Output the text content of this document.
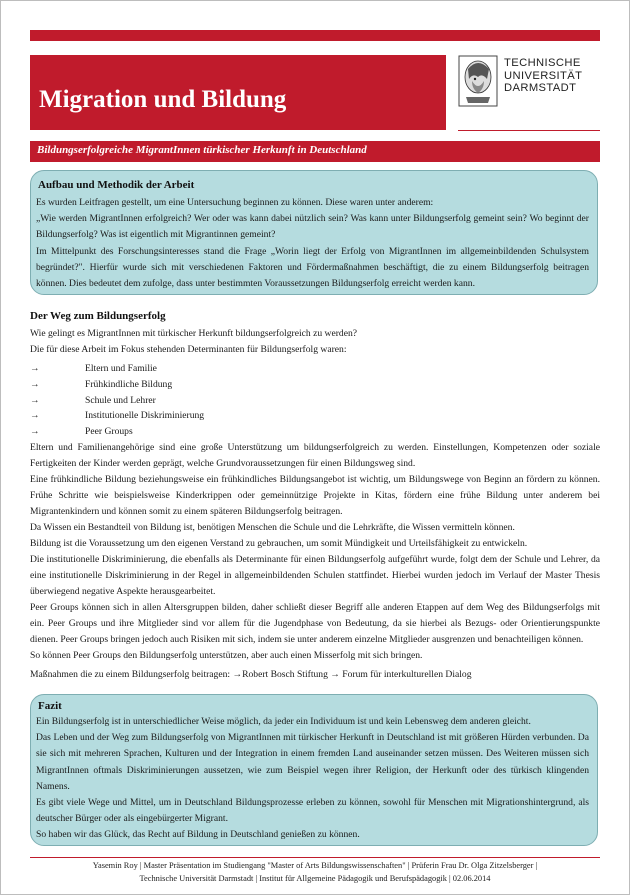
Migration und Bildung
TECHNISCHE
UNIVERSITÄT
DARMSTADT
Bildungserfolgreiche MigrantInnen türkischer Herkunft in Deutschland
Aufbau und Methodik der Arbeit

Es wurden Leitfragen gestellt, um eine Untersuchung beginnen zu können. Diese waren unter anderem:

„Wie werden MigrantInnen erfolgreich? Wer oder was kann dabei nützlich sein? Was kann unter Bildungserfolg gemeint sein? Wo beginnt der Bildungserfolg? Was ist eigentlich mit Migrantinnen gemeint?

Im Mittelpunkt des Forschungsinteresses stand die Frage „Worin liegt der Erfolg von MigrantInnen im allgemeinbildenden Schulsystem begründet?". Hierfür wurde sich mit verschiedenen Faktoren und Fördermaßnahmen beschäftigt, die zu einem Bildungserfolg beitragen können. Dies bedeutet dem zufolge, dass unter bestimmten Voraussetzungen Bildungserfolg erreicht werden kann.

Der Weg zum Bildungserfolg

Wie gelingt es MigrantInnen mit türkischer Herkunft bildungserfolgreich zu werden?

Die für diese Arbeit im Fokus stehenden Determinanten für Bildungserfolg waren:

→	Eltern und Familie
→	Frühkindliche Bildung
→	Schule und Lehrer
→	Institutionelle Diskriminierung
→	Peer Groups

Eltern und Familienangehörige sind eine große Unterstützung um bildungserfolgreich zu werden. Einstellungen, Kompetenzen oder soziale Fertigkeiten der Kinder werden geprägt, welche Grundvoraussetzungen für einen Bildungsweg sind.

Eine frühkindliche Bildung beziehungsweise ein frühkindliches Bildungsangebot ist wichtig, um Bildungswege von Beginn an fördern zu können. Frühe Schritte wie beispielsweise Kinderkrippen oder gemeinnützige Projekte in Kitas, fördern eine frühe Bildung unter anderem bei Migrantenkindern und können somit zu einem späteren Bildungserfolg beitragen.

Da Wissen ein Bestandteil von Bildung ist, benötigen Menschen die Schule und die Lehrkräfte, die Wissen vermitteln können.

Bildung ist die Voraussetzung um den eigenen Verstand zu gebrauchen, um somit Mündigkeit und Urteilsfähigkeit zu entwickeln.

Die institutionelle Diskriminierung, die ebenfalls als Determinante für einen Bildungserfolg aufgeführt wurde, folgt dem der Schule und Lehrer, da eine institutionelle Diskriminierung in der Regel in allgemeinbildenden Schulen stattfindet. Hierbei wurden jedoch im Verlauf der Master Thesis überwiegend negative Aspekte herausgearbeitet.

Peer Groups können sich in allen Altersgruppen bilden, daher schließt dieser Begriff alle anderen Etappen auf dem Weg des Bildungserfolgs mit ein. Peer Groups und ihre Mitglieder sind vor allem für die Jugendphase von Bedeutung, da sie hierbei als Bezugs- oder Orientierungspunkte dienen. Peer Groups bringen jedoch auch Risiken mit sich, indem sie unter anderem einzelne Mitglieder ausgrenzen und benachteiligen können.

So können Peer Groups den Bildungserfolg unterstützen, aber auch einen Misserfolg mit sich bringen.

Maßnahmen die zu einem Bildungserfolg beitragen: →Robert Bosch Stiftung → Forum für interkulturellen Dialog
Fazit

Ein Bildungserfolg ist in unterschiedlicher Weise möglich, da jeder ein Individuum ist und kein Lebensweg dem anderen gleicht.

Das Leben und der Weg zum Bildungserfolg von MigrantInnen mit türkischer Herkunft in Deutschland ist mit größeren Hürden verbunden. Da sie sich mit mehreren Sprachen, Kulturen und der Integration in einem fremden Land auseinander setzen müssen. Des Weiteren müssen sich MigrantInnen oftmals Diskriminierungen aussetzen, wie zum Beispiel wegen ihrer Religion, der Herkunft oder des türkisch klingenden Namens.

Es gibt viele Wege und Mittel, um in Deutschland Bildungsprozesse erleben zu können, sowohl für Menschen mit Migrationshintergrund, als deutscher Bürger oder als eingebürgerter Migrant.

So haben wir das Glück, das Recht auf Bildung in Deutschland genießen zu können.

Yasemin Roy | Master Präsentation im Studiengang "Master of Arts Bildungswissenschaften" | Prüferin Frau Dr. Olga Zitzelsberger |
Technische Universität Darmstadt | Institut für Allgemeine Pädagogik und Berufspädagogik | 02.06.2014
